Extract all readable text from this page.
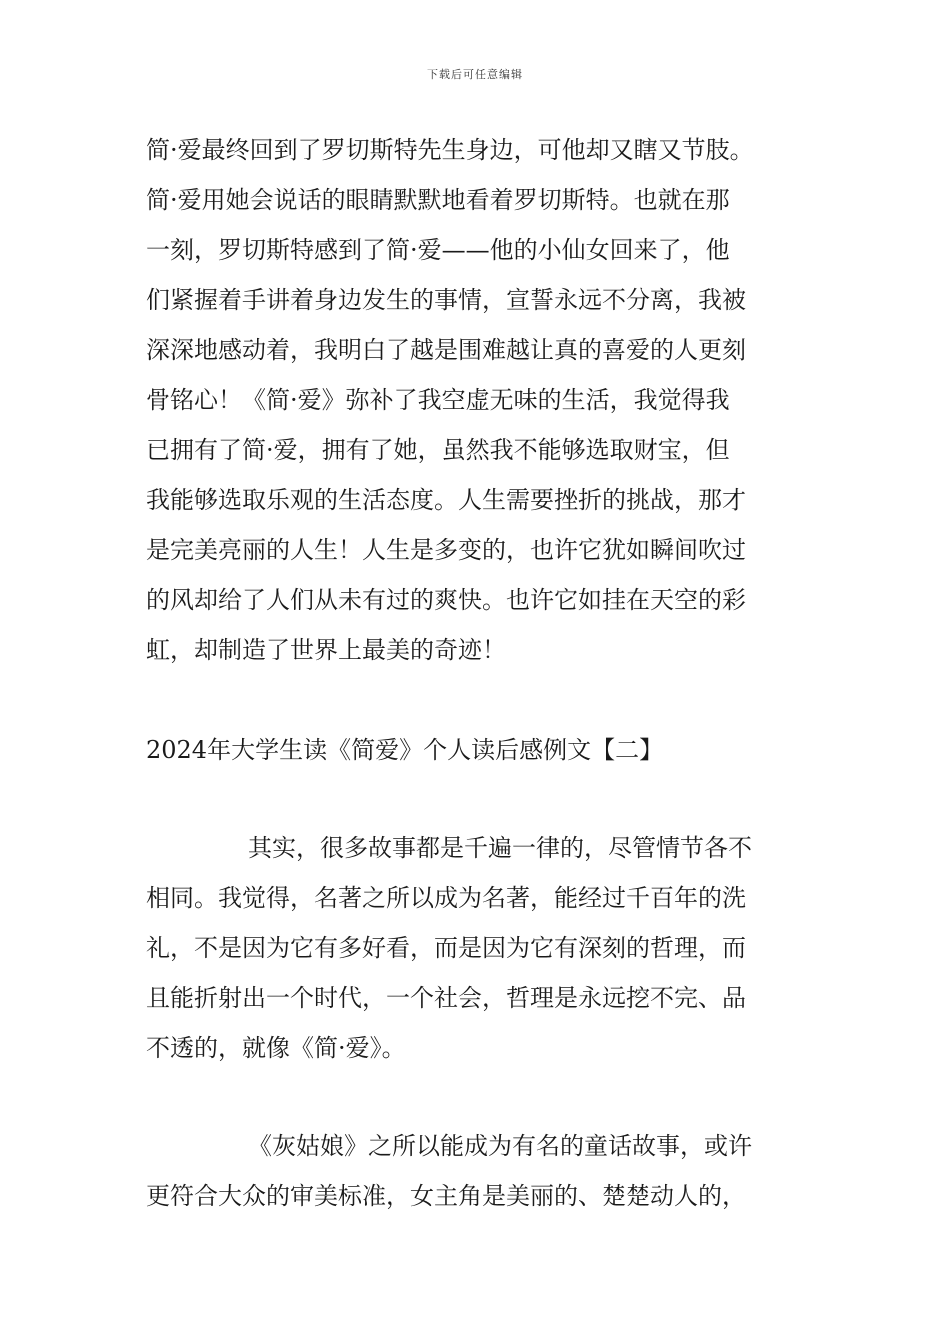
下载后可任意编辑
简·爱最终回到了罗切斯特先生身边，可他却又瞎又节肢。
简·爱用她会说话的眼睛默默地看着罗切斯特。也就在那
一刻，罗切斯特感到了简·爱——他的小仙女回来了，他
们紧握着手讲着身边发生的事情，宣誓永远不分离，我被
深深地感动着，我明白了越是围难越让真的喜爱的人更刻
骨铭心！《简·爱》弥补了我空虚无味的生活，我觉得我
已拥有了简·爱，拥有了她，虽然我不能够选取财宝，但
我能够选取乐观的生活态度。人生需要挫折的挑战，那才
是完美亮丽的人生！人生是多变的，也许它犹如瞬间吹过
的风却给了人们从未有过的爽快。也许它如挂在天空的彩
虹，却制造了世界上最美的奇迹！
2024年大学生读《简爱》个人读后感例文【二】
其实，很多故事都是千遍一律的，尽管情节各不
相同。我觉得，名著之所以成为名著，能经过千百年的洗
礼，不是因为它有多好看，而是因为它有深刻的哲理，而
且能折射出一个时代，一个社会，哲理是永远挖不完、品
不透的，就像《简·爱》。
《灰姑娘》之所以能成为有名的童话故事，或许
更符合大众的审美标准，女主角是美丽的、楚楚动人的，
